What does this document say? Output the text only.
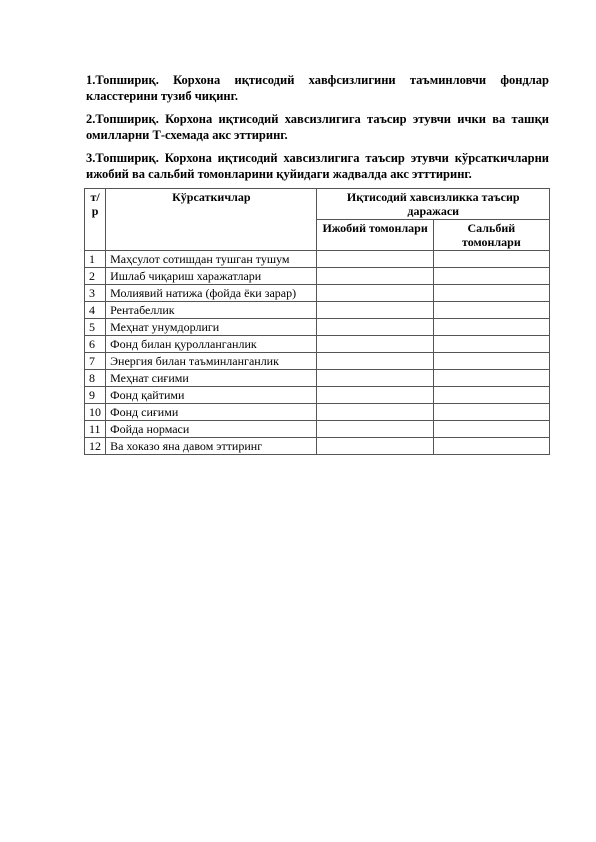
1.Топшириқ. Корхона иқтисодий хавфсизлигини таъминловчи фондлар класстерини тузиб чиқинг.

2.Топшириқ. Корхона иқтисодий хавсизлигига таъсир этувчи ички ва ташқи омилларни Т-схемада акс эттиринг.

3.Топшириқ. Корхона иқтисодий хавсизлигига таъсир этувчи кўрсаткичларни ижобий ва сальбий томонларини қуйидаги жадвалда акс этттиринг.

т/р	Кўрсаткичлар	Иқтисодий хавсизликка таъсир даражаси	
		Ижобий томонлари	Сальбий томонлари
1	Маҳсулот сотишдан тушган тушум		
2	Ишлаб чиқариш харажатлари		
3	Молиявий натижа (фойда ёки зарар)		
4	Рентабеллик		
5	Меҳнат унумдорлиги		
6	Фонд билан қуролланганлик		
7	Энергия билан таъминланганлик		
8	Меҳнат сиғими		
9	Фонд қайтими		
10	Фонд сиғими		
11	Фойда нормаси		
12	Ва хоказо яна давом эттиринг		
